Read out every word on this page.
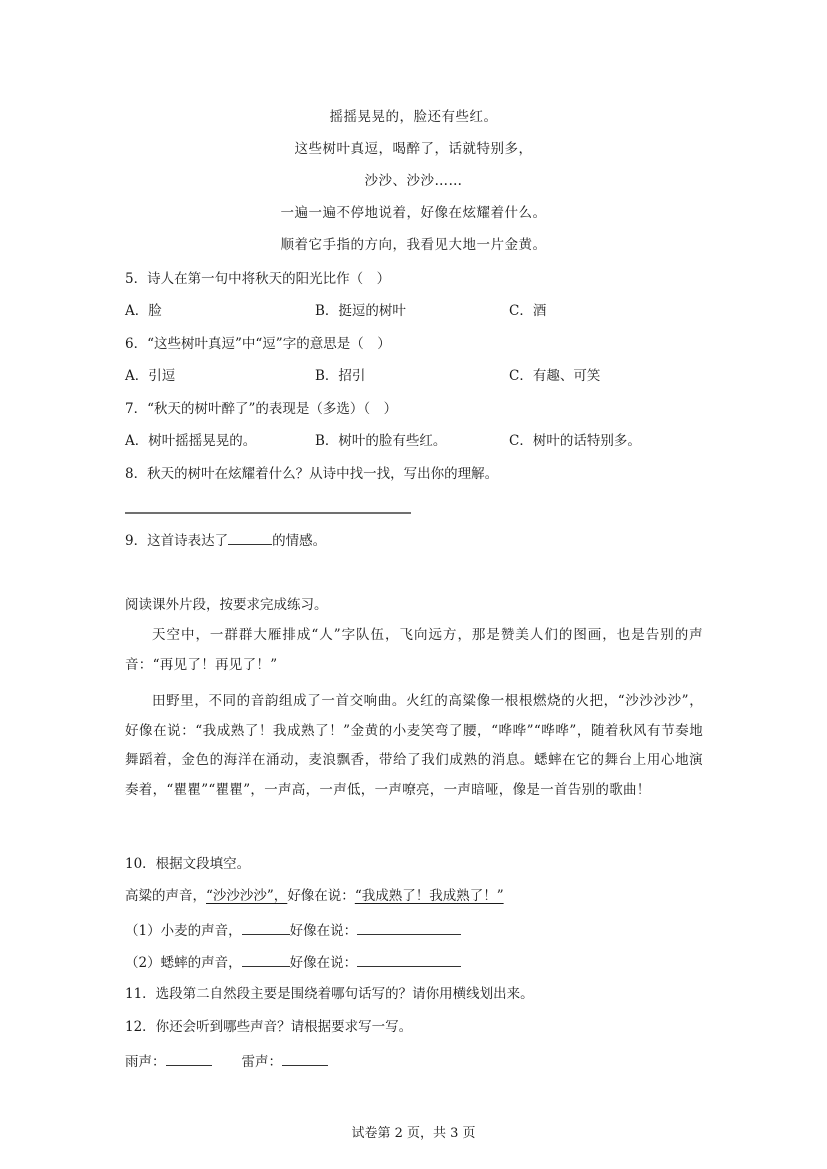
摇摇晃晃的，脸还有些红。
这些树叶真逗，喝醉了，话就特别多，
沙沙、沙沙……
一遍一遍不停地说着，好像在炫耀着什么。
顺着它手指的方向，我看见大地一片金黄。
5．诗人在第一句中将秋天的阳光比作（　）
A．脸	B．挺逗的树叶	C．酒
6．“这些树叶真逗”中“逗”字的意思是（　）
A．引逗	B．招引	C．有趣、可笑
7．“秋天的树叶醉了”的表现是（多选）（　）
A．树叶摇摇晃晃的。	B．树叶的脸有些红。	C．树叶的话特别多。
8．秋天的树叶在炫耀着什么？从诗中找一找，写出你的理解。
9．这首诗表达了	的情感。
阅读课外片段，按要求完成练习。
天空中，一群群大雁排成“人”字队伍，飞向远方，那是赞美人们的图画，也是告别的声音：“再见了！再见了！”
田野里，不同的音韵组成了一首交响曲。火红的高粱像一根根燃烧的火把，“沙沙沙沙”，好像在说：“我成熟了！我成熟了！”金黄的小麦笑弯了腰，“哗哗”“哗哗”，随着秋风有节奏地舞蹈着，金色的海洋在涌动，麦浪飘香，带给了我们成熟的消息。蟋蟀在它的舞台上用心地演奏着，“瞿瞿”“瞿瞿”，一声高，一声低，一声嘹亮，一声暗哑，像是一首告别的歌曲！
10．根据文段填空。
高粱的声音，“沙沙沙沙”，好像在说：“我成熟了！我成熟了！”
（1）小麦的声音，	好像在说：
（2）蟋蟀的声音，	好像在说：
11．选段第二自然段主要是围绕着哪句话写的？请你用横线划出来。
12．你还会听到哪些声音？请根据要求写一写。
雨声：	雷声：
试卷第 2 页，共 3 页
